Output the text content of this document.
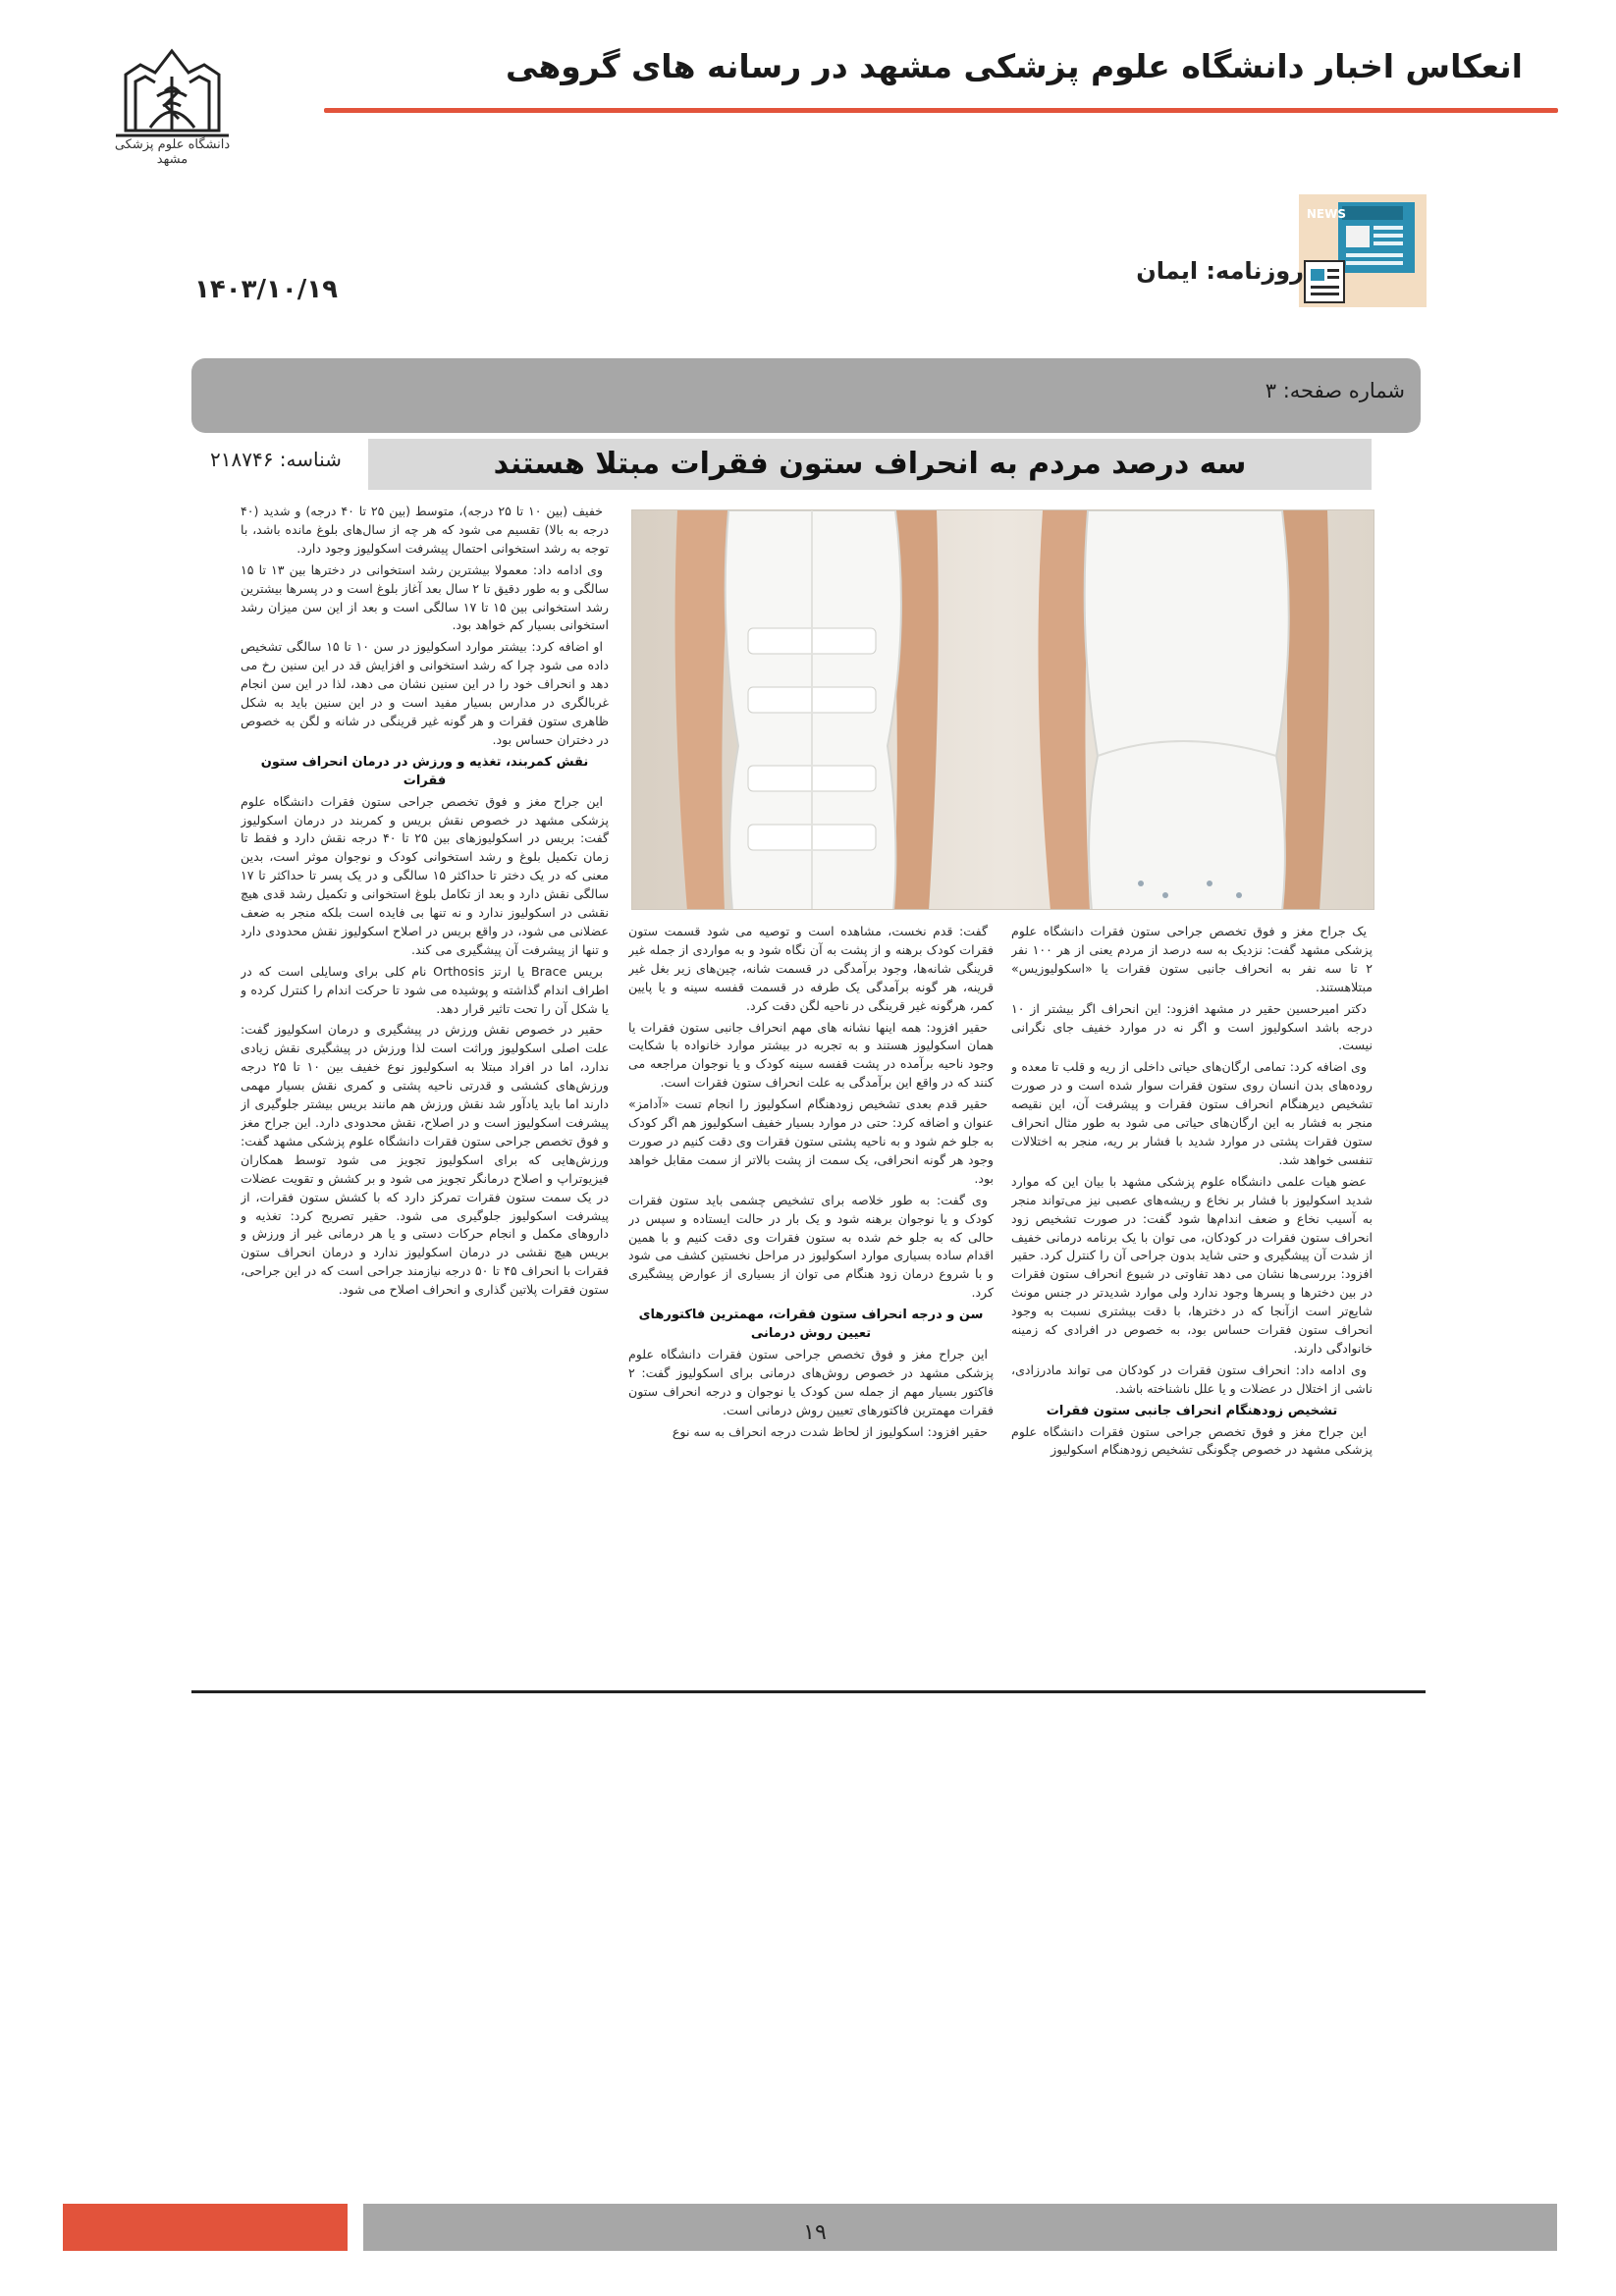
انعکاس اخبار دانشگاه علوم پزشکی مشهد در رسانه های گروهی
دانشگاه علوم پزشکی مشهد
NEWS
روزنامه: ایمان
۱۴۰۳/۱۰/۱۹
شماره صفحه: ۳
سه درصد مردم به انحراف ستون فقرات مبتلا هستند
شناسه: ۲۱۸۷۴۶

یک جراح مغز و فوق تخصص جراحی ستون فقرات دانشگاه علوم پزشکی مشهد گفت: نزدیک به سه درصد از مردم یعنی از هر ۱۰۰ نفر ۲ تا سه نفر به انحراف جانبی ستون فقرات یا «اسکولیوزیس» مبتلاهستند.

دکتر امیرحسین حقیر در مشهد افزود: این انحراف اگر بیشتر از ۱۰ درجه باشد اسکولیوز است و اگر نه در موارد خفیف جای نگرانی نیست.

وی اضافه کرد: تمامی ارگان‌های حیاتی داخلی از ریه و قلب تا معده و روده‌های بدن انسان روی ستون فقرات سوار شده است و در صورت تشخیص دیرهنگام انحراف ستون فقرات و پیشرفت آن، این نقیصه منجر به فشار به این ارگان‌های حیاتی می شود به طور مثال انحراف ستون فقرات پشتی در موارد شدید با فشار بر ریه، منجر به اختلالات تنفسی خواهد شد.

عضو هیات علمی دانشگاه علوم پزشکی مشهد با بیان این که موارد شدید اسکولیوز با فشار بر نخاع و ریشه‌های عصبی نیز می‌تواند منجر به آسیب نخاع و ضعف اندام‌ها شود گفت: در صورت تشخیص زود انحراف ستون فقرات در کودکان، می توان با یک برنامه درمانی خفیف از شدت آن پیشگیری و حتی شاید بدون جراحی آن را کنترل کرد. حقیر افزود: بررسی‌ها نشان می دهد تفاوتی در شیوع انحراف ستون فقرات در بین دختر‌ها و پسر‌ها وجود ندارد ولی موارد شدیدتر در جنس مونث شایع‌تر است ازآنجا که در دختر‌ها، با دقت بیشتری نسبت به وجود انحراف ستون فقرات حساس بود، به خصوص در افرادی که زمینه خانوادگی دارند.

وی ادامه داد: انحراف ستون فقرات در کودکان می تواند مادرزادی، ناشی از اختلال در عضلات و یا علل ناشناخته باشد.

تشخیص زودهنگام انحراف جانبی ستون فقرات

این جراح مغز و فوق تخصص جراحی ستون فقرات دانشگاه علوم پزشکی مشهد در خصوص چگونگی تشخیص زودهنگام اسکولیوز

گفت: قدم نخست، مشاهده است و توصیه می شود قسمت ستون فقرات کودک برهنه و از پشت به آن نگاه شود و به مواردی از جمله غیر قرینگی شانه‌ها، وجود برآمدگی در قسمت شانه، چین‌های زیر بغل غیر قرینه، هر گونه برآمدگی یک طرفه در قسمت قفسه سینه و یا پایین کمر، هرگونه غیر قرینگی در ناحیه لگن دقت کرد.

حقیر افزود: همه اینها نشانه های مهم انحراف جانبی ستون فقرات یا همان اسکولیوز هستند و به تجربه در بیشتر موارد خانواده با شکایت وجود ناحیه برآمده در پشت قفسه سینه کودک و یا نوجوان مراجعه می کنند که در واقع این برآمدگی به علت انحراف ستون فقرات است.

حقیر قدم بعدی تشخیص زودهنگام اسکولیوز را انجام تست «آدامز» عنوان و اضافه کرد: حتی در موارد بسیار خفیف اسکولیوز هم اگر کودک به جلو خم شود و به ناحیه پشتی ستون فقرات وی دقت کنیم در صورت وجود هر گونه انحرافی، یک سمت از پشت بالاتر از سمت مقابل خواهد بود.

وی گفت: به طور خلاصه برای تشخیص چشمی باید ستون فقرات کودک و یا نوجوان برهنه شود و یک بار در حالت ایستاده و سپس در حالی که به جلو خم شده به ستون فقرات وی دقت کنیم و با همین اقدام ساده بسیاری موارد اسکولیوز در مراحل نخستین کشف می شود و با شروع درمان زود هنگام می توان از بسیاری از عوارض پیشگیری کرد.

سن و درجه انحراف ستون فقرات، مهمترین فاکتورهای تعیین روش درمانی

این جراح مغز و فوق تخصص جراحی ستون فقرات دانشگاه علوم پزشکی مشهد در خصوص روش‌های درمانی برای اسکولیوز گفت: ۲ فاکتور بسیار مهم از جمله سن کودک یا نوجوان و درجه انحراف ستون فقرات مهمترین فاکتورهای تعیین روش درمانی است.

حقیر افزود: اسکولیوز از لحاظ شدت درجه انحراف به سه نوع

خفیف (بین ۱۰ تا ۲۵ درجه)، متوسط (بین ۲۵ تا ۴۰ درجه) و شدید (۴۰ درجه به بالا) تقسیم می شود که هر چه از سال‌های بلوغ مانده باشد، با توجه به رشد استخوانی احتمال پیشرفت اسکولیوز وجود دارد.

وی ادامه داد: معمولا بیشترین رشد استخوانی در دختر‌ها بین ۱۳ تا ۱۵ سالگی و به طور دقیق تا ۲ سال بعد آغاز بلوغ است و در پسر‌ها بیشترین رشد استخوانی بین ۱۵ تا ۱۷ سالگی است و بعد از این سن میزان رشد استخوانی بسیار کم خواهد بود.

او اضافه کرد: بیشتر موارد اسکولیوز در سن ۱۰ تا ۱۵ سالگی تشخیص داده می شود چرا که رشد استخوانی و افزایش قد در این سنین رخ می دهد و انحراف خود را در این سنین نشان می دهد، لذا در این سن انجام غربالگری در مدارس بسیار مفید است و در این سنین باید به شکل ظاهری ستون فقرات و هر گونه غیر قرینگی در شانه و لگن به خصوص در دختران حساس بود.

نقش کمربند، تغذیه و ورزش در درمان انحراف ستون فقرات

این جراح مغز و فوق تخصص جراحی ستون فقرات دانشگاه علوم پزشکی مشهد در خصوص نقش بریس و کمربند در درمان اسکولیوز گفت: بریس در اسکولیوزهای بین ۲۵ تا ۴۰ درجه نقش دارد و فقط تا زمان تکمیل بلوغ و رشد استخوانی کودک و نوجوان موثر است، بدین معنی که در یک دختر تا حداکثر ۱۵ سالگی و در یک پسر تا حداکثر تا ۱۷ سالگی نقش دارد و بعد از تکامل بلوغ استخوانی و تکمیل رشد قدی هیچ نقشی در اسکولیوز ندارد و نه تنها بی فایده است بلکه منجر به ضعف عضلانی می شود، در واقع بریس در اصلاح اسکولیوز نقش محدودی دارد و تنها از پیشرفت آن پیشگیری می کند.

بریس Brace یا ارتز Orthosis نام کلی برای وسایلی است که در اطراف اندام گذاشته و پوشیده می شود تا حرکت اندام را کنترل کرده و یا شکل آن را تحت تاثیر قرار دهد.

حقیر در خصوص نقش ورزش در پیشگیری و درمان اسکولیوز گفت: علت اصلی اسکولیوز وراثت است لذا ورزش در پیشگیری نقش زیادی ندارد، اما در افراد مبتلا به اسکولیوز نوع خفیف بین ۱۰ تا ۲۵ درجه ورزش‌های کششی و قدرتی ناحیه پشتی و کمری نقش بسیار مهمی دارند اما باید یادآور شد نقش ورزش هم مانند بریس بیشتر جلوگیری از پیشرفت اسکولیوز است و در اصلاح، نقش محدودی دارد. این جراح مغز و فوق تخصص جراحی ستون فقرات دانشگاه علوم پزشکی مشهد گفت: ورزش‌هایی که برای اسکولیوز تجویز می شود توسط همکاران فیزیوتراپ و اصلاح درمانگر تجویز می شود و بر کشش و تقویت عضلات در یک سمت ستون فقرات تمرکز دارد که با کشش ستون فقرات، از پیشرفت اسکولیوز جلوگیری می شود. حقیر تصریح کرد: تغذیه و داروهای مکمل و انجام حرکات دستی و یا هر درمانی غیر از ورزش و بریس هیچ نقشی در درمان اسکولیوز ندارد و درمان انحراف ستون فقرات با انحراف ۴۵ تا ۵۰ درجه نیازمند جراحی است که در این جراحی، ستون فقرات پلاتین گذاری و انحراف اصلاح می شود.

۱۹
